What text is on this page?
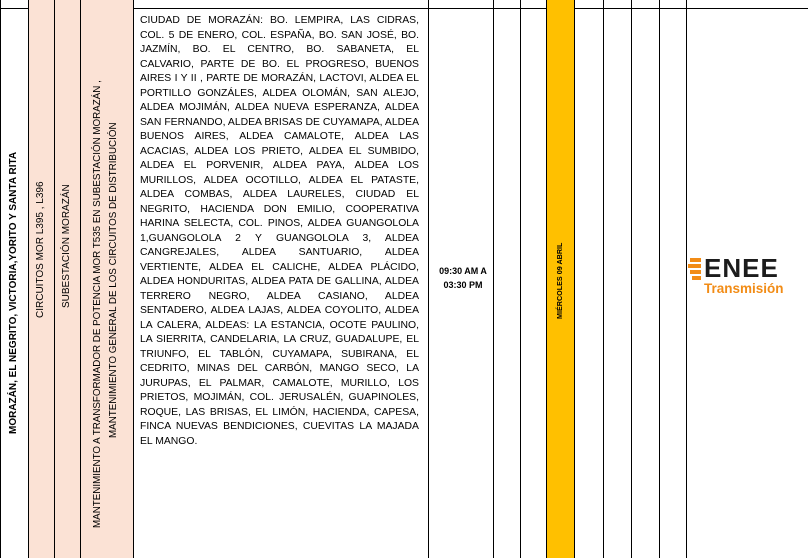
MORAZÁN, EL NEGRITO, VICTORIA,YORITO Y SANTA RITA CIRCUITOS MOR L395 , L396 SUBESTACIÓN MORAZÁN MANTENIMIENTO A TRANSFORMADOR DE POTENCIA MOR T535 EN SUBESTACIÓN MORAZÁN , MANTENIMIENTO GENERAL DE LOS CIRCUITOS DE DISTRIBUCIÓN
CIUDAD DE MORAZÁN: BO. LEMPIRA, LAS CIDRAS, COL. 5 DE ENERO, COL. ESPAÑA, BO. SAN JOSÉ, BO. JAZMÍN, BO. EL CENTRO, BO. SABANETA, EL CALVARIO, PARTE DE BO. EL PROGRESO, BUENOS AIRES I Y II , PARTE DE MORAZÁN, LACTOVI, ALDEA EL PORTILLO GONZÁLES, ALDEA OLOMÁN, SAN ALEJO, ALDEA MOJIMÁN, ALDEA NUEVA ESPERANZA, ALDEA SAN FERNANDO, ALDEA BRISAS DE CUYAMAPA, ALDEA BUENOS AIRES, ALDEA CAMALOTE, ALDEA LAS ACACIAS, ALDEA LOS PRIETO, ALDEA EL SUMBIDO, ALDEA EL PORVENIR, ALDEA PAYA, ALDEA LOS MURILLOS, ALDEA OCOTILLO, ALDEA EL PATASTE, ALDEA COMBAS, ALDEA LAURELES, CIUDAD EL NEGRITO, HACIENDA DON EMILIO, COOPERATIVA HARINA SELECTA, COL. PINOS, ALDEA GUANGOLOLA 1,GUANGOLOLA 2 Y GUANGOLOLA 3, ALDEA CANGREJALES, ALDEA SANTUARIO, ALDEA VERTIENTE, ALDEA EL CALICHE, ALDEA PLÁCIDO, ALDEA HONDURITAS, ALDEA PATA DE GALLINA, ALDEA TERRERO NEGRO, ALDEA CASIANO, ALDEA SENTADERO, ALDEA LAJAS, ALDEA COYOLITO, ALDEA LA CALERA, ALDEAS: LA ESTANCIA, OCOTE PAULINO, LA SIERRITA, CANDELARIA, LA CRUZ, GUADALUPE, EL TRIUNFO, EL TABLÓN, CUYAMAPA, SUBIRANA, EL CEDRITO, MINAS DEL CARBÓN, MANGO SECO, LA JURUPAS, EL PALMAR, CAMALOTE, MURILLO, LOS PRIETOS, MOJIMÁN, COL. JERUSALÉN, GUAPINOLES, ROQUE, LAS BRISAS, EL LIMÓN, HACIENDA, CAPESA, FINCA NUEVAS BENDICIONES, CUEVITAS LA MAJADA EL MANGO.
09:30 AM A
03:30 PM	MIÉRCOLES 09 ABRIL	ENEE
Transmisión
